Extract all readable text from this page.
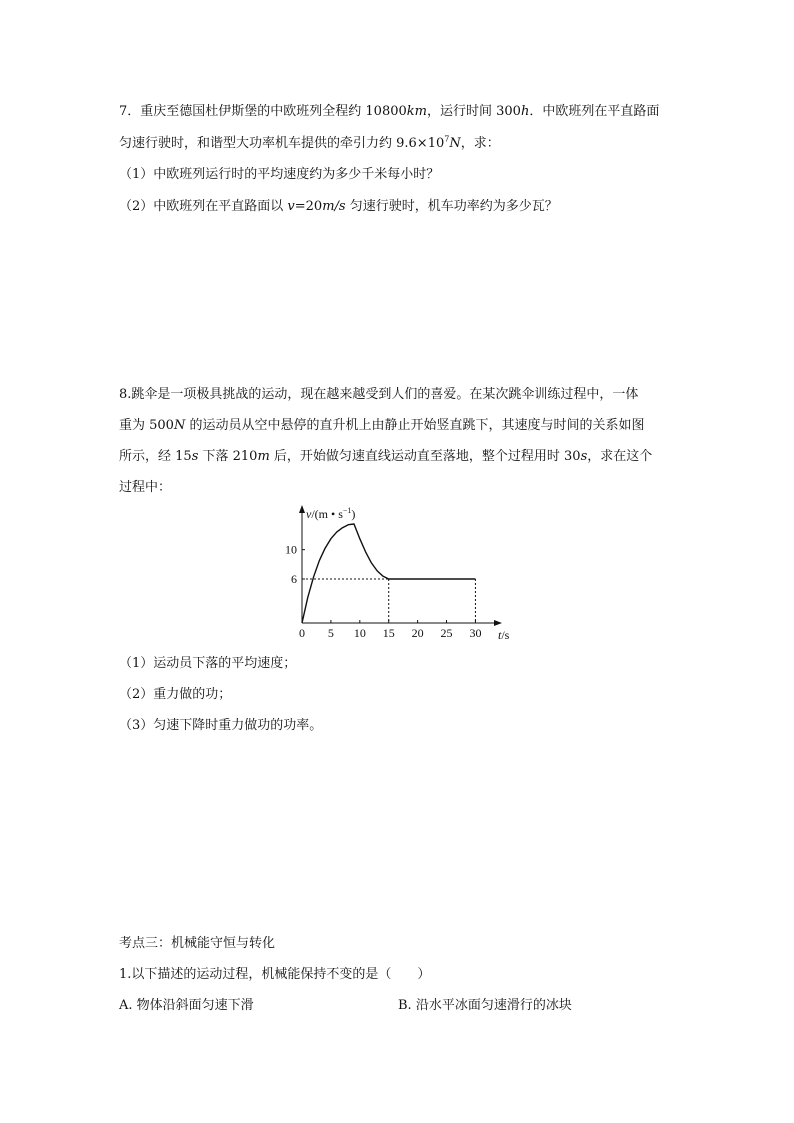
7．重庆至德国杜伊斯堡的中欧班列全程约 10800km，运行时间 300h．中欧班列在平直路面
匀速行驶时，和谐型大功率机车提供的牵引力约 $9.6\times 10^7N$，求：
（1）中欧班列运行时的平均速度约为多少千米每小时？
（2）中欧班列在平直路面以 v=20m/s 匀速行驶时，机车功率约为多少瓦？
8.跳伞是一项极具挑战的运动，现在越来越受到人们的喜爱。在某次跳伞训练过程中，一体
重为 500N 的运动员从空中悬停的直升机上由静止开始竖直跳下，其速度与时间的关系如图
所示，经 15s 下落 210m 后，开始做匀速直线运动直至落地，整个过程用时 30s，求在这个
过程中：
0 5 10 15 20 25 30
6
10
v/(m • $s^{-1}$)
t/s
（1）运动员下落的平均速度；
（2）重力做的功；
（3）匀速下降时重力做功的功率。
考点三：机械能守恒与转化
1.以下描述的运动过程，机械能保持不变的是（　　）
A. 物体沿斜面匀速下滑	B. 沿水平冰面匀速滑行的冰块
